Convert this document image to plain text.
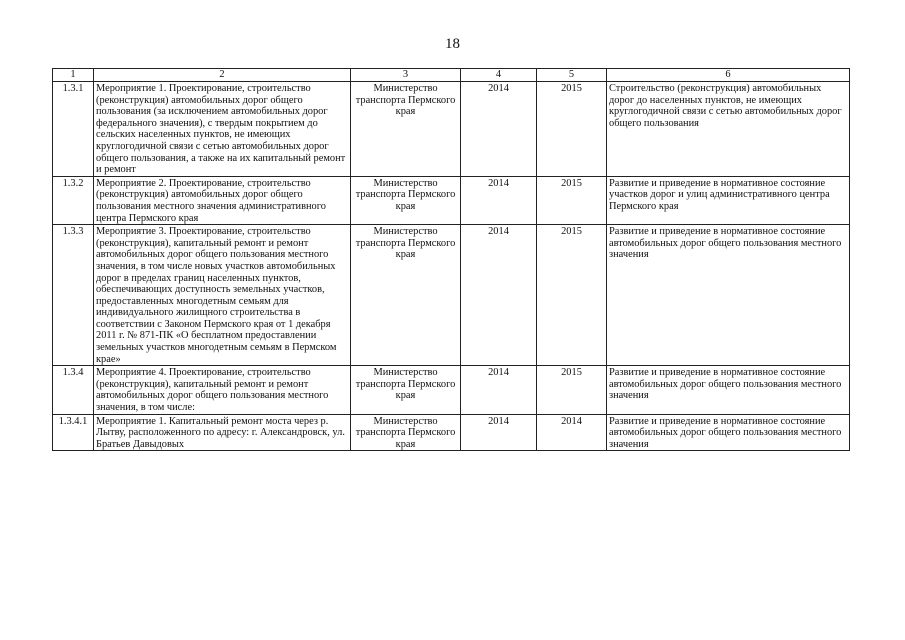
18
1	2	3	4	5	6
1.3.1	Мероприятие 1. Проектирование, строительство (реконструкция) автомобильных дорог общего пользования (за исключением автомобильных дорог федерального значения), с твердым покрытием до сельских населенных пунктов, не имеющих круглогодичной связи с сетью автомобильных дорог общего пользования, а также на их капитальный ремонт и ремонт	Министерство транспорта Пермского края	2014	2015	Строительство (реконструкция) автомобильных дорог до населенных пунктов, не имеющих круглогодичной связи с сетью автомобильных дорог общего пользования
1.3.2	Мероприятие 2. Проектирование, строительство (реконструкция) автомобильных дорог общего пользования местного значения административного центра Пермского края	Министерство транспорта Пермского края	2014	2015	Развитие и приведение в нормативное состояние участков дорог и улиц административного центра Пермского края
1.3.3	Мероприятие 3. Проектирование, строительство (реконструкция), капитальный ремонт и ремонт автомобильных дорог общего пользования местного значения, в том числе новых участков автомобильных дорог в пределах границ населенных пунктов, обеспечивающих доступность земельных участков, предоставленных многодетным семьям для индивидуального жилищного строительства в соответствии с Законом Пермского края от 1 декабря 2011 г. № 871-ПК «О бесплатном предоставлении земельных участков многодетным семьям в Пермском крае»	Министерство транспорта Пермского края	2014	2015	Развитие и приведение в нормативное состояние автомобильных дорог общего пользования местного значения
1.3.4	Мероприятие 4. Проектирование, строительство (реконструкция), капитальный ремонт и ремонт автомобильных дорог общего пользования местного значения, в том числе:	Министерство транспорта Пермского края	2014	2015	Развитие и приведение в нормативное состояние автомобильных дорог общего пользования местного значения
1.3.4.1	Мероприятие 1. Капитальный ремонт моста через р. Лытву, расположенного по адресу: г. Александровск, ул. Братьев Давыдовых	Министерство транспорта Пермского края	2014	2014	Развитие и приведение в нормативное состояние автомобильных дорог общего пользования местного значения
